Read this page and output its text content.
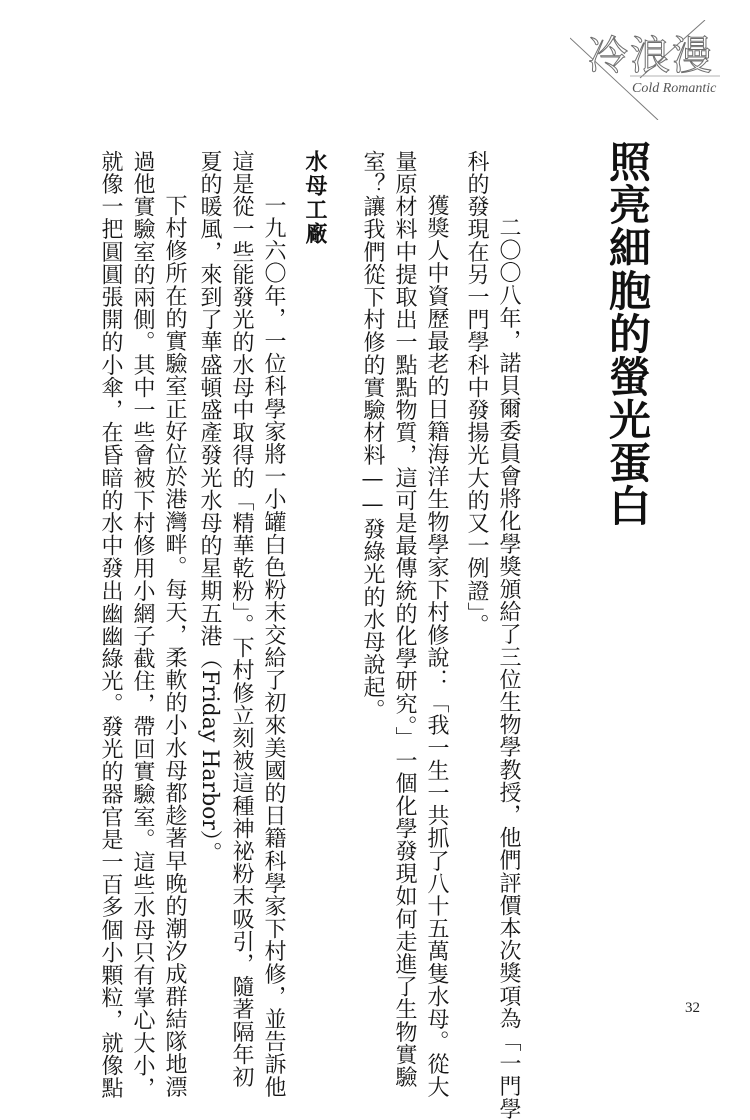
冷浪漫
Cold Romantic
照亮細胞的螢光蛋白
二〇〇八年，諾貝爾委員會將化學獎頒給了三位生物學教授，他們評價本次獎項為「一門學
科的發現在另一門學科中發揚光大的又一例證」。
獲獎人中資歷最老的日籍海洋生物學家下村修說：「我一生一共抓了八十五萬隻水母。從大
量原材料中提取出一點點物質，這可是最傳統的化學研究。」一個化學發現如何走進了生物實驗
室？讓我們從下村修的實驗材料——發綠光的水母說起。
水母工廠
一九六〇年，一位科學家將一小罐白色粉末交給了初來美國的日籍科學家下村修，並告訴他
這是從一些能發光的水母中取得的「精華乾粉」。下村修立刻被這種神祕粉末吸引，隨著隔年初
夏的暖風，來到了華盛頓盛產發光水母的星期五港（Friday Harbor）。
下村修所在的實驗室正好位於港灣畔。每天，柔軟的小水母都趁著早晚的潮汐成群結隊地漂
過他實驗室的兩側。其中一些會被下村修用小網子截住，帶回實驗室。這些水母只有掌心大小，
就像一把圓圓張開的小傘，在昏暗的水中發出幽幽綠光。發光的器官是一百多個小顆粒，就像點	32
